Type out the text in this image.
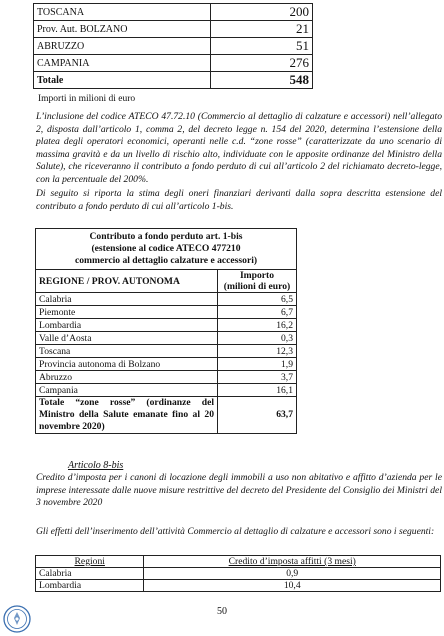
TOSCANA	200
Prov. Aut. BOLZANO	21
ABRUZZO	51
CAMPANIA	276
Totale	548
Importi in milioni di euro
L’inclusione del codice ATECO 47.72.10 (Commercio al dettaglio di calzature e accessori) nell’allegato 2, disposta dall’articolo 1, comma 2, del decreto legge n. 154 del 2020, determina l’estensione della platea degli operatori economici, operanti nelle c.d. “zone rosse” (caratterizzate da uno scenario di massima gravità e da un livello di rischio alto, individuate con le apposite ordinanze del Ministro della Salute), che riceveranno il contributo a fondo perduto di cui all’articolo 2 del richiamato decreto-legge, con la percentuale del 200%.
Di seguito si riporta la stima degli oneri finanziari derivanti dalla sopra descritta estensione del contributo a fondo perduto di cui all’articolo 1-bis.
Contributo a fondo perduto art. 1-bis
(estensione al codice ATECO 477210
commercio al dettaglio calzature e accessori)	
REGIONE / PROV. AUTONOMA	Importo
(milioni di euro)
Calabria	6,5
Piemonte	6,7
Lombardia	16,2
Valle d’Aosta	0,3
Toscana	12,3
Provincia autonoma di Bolzano	1,9
Abruzzo	3,7
Campania	16,1
Totale “zone rosse” (ordinanze del Ministro della Salute emanate fino al 20 novembre 2020)	63,7
Articolo 8-bis
Credito d’imposta per i canoni di locazione degli immobili a uso non abitativo e affitto d’azienda per le imprese interessate dalle nuove misure restrittive del decreto del Presidente del Consiglio dei Ministri del 3 novembre 2020
Gli effetti dell’inserimento dell’attività Commercio al dettaglio di calzature e accessori sono i seguenti:
Regioni	Credito d’imposta affitti (3 mesi)
Calabria	0,9
Lombardia	10,4
50
